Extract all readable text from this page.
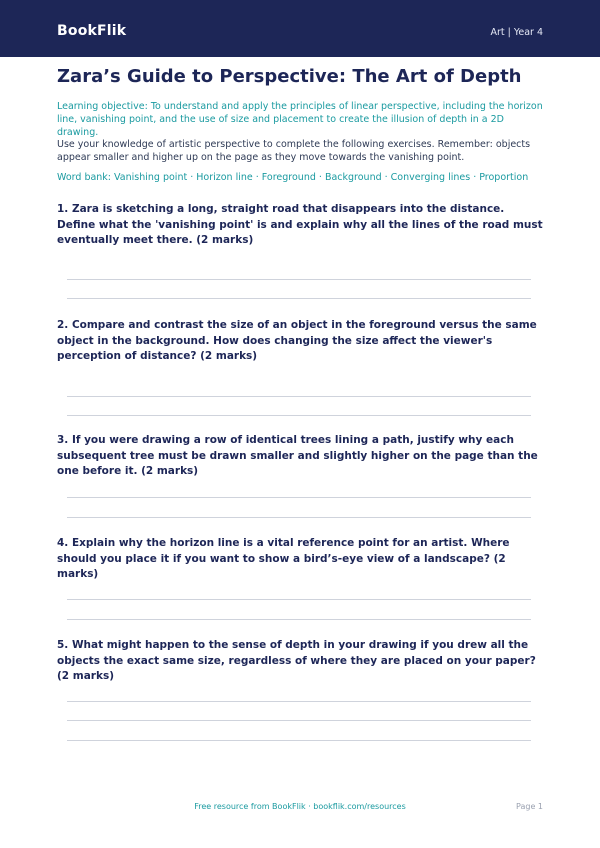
BookFlik	Art | Year 4
Zara’s Guide to Perspective: The Art of Depth
Learning objective: To understand and apply the principles of linear perspective, including the horizon line, vanishing point, and the use of size and placement to create the illusion of depth in a 2D drawing.
Use your knowledge of artistic perspective to complete the following exercises. Remember: objects appear smaller and higher up on the page as they move towards the vanishing point.
Word bank: Vanishing point · Horizon line · Foreground · Background · Converging lines · Proportion
1. Zara is sketching a long, straight road that disappears into the distance. Define what the 'vanishing point' is and explain why all the lines of the road must eventually meet there. (2 marks)
2. Compare and contrast the size of an object in the foreground versus the same object in the background. How does changing the size affect the viewer's perception of distance? (2 marks)
3. If you were drawing a row of identical trees lining a path, justify why each subsequent tree must be drawn smaller and slightly higher on the page than the one before it. (2 marks)
4. Explain why the horizon line is a vital reference point for an artist. Where should you place it if you want to show a bird’s-eye view of a landscape? (2 marks)
5. What might happen to the sense of depth in your drawing if you drew all the objects the exact same size, regardless of where they are placed on your paper? (2 marks)
Free resource from BookFlik · bookflik.com/resources	Page 1
